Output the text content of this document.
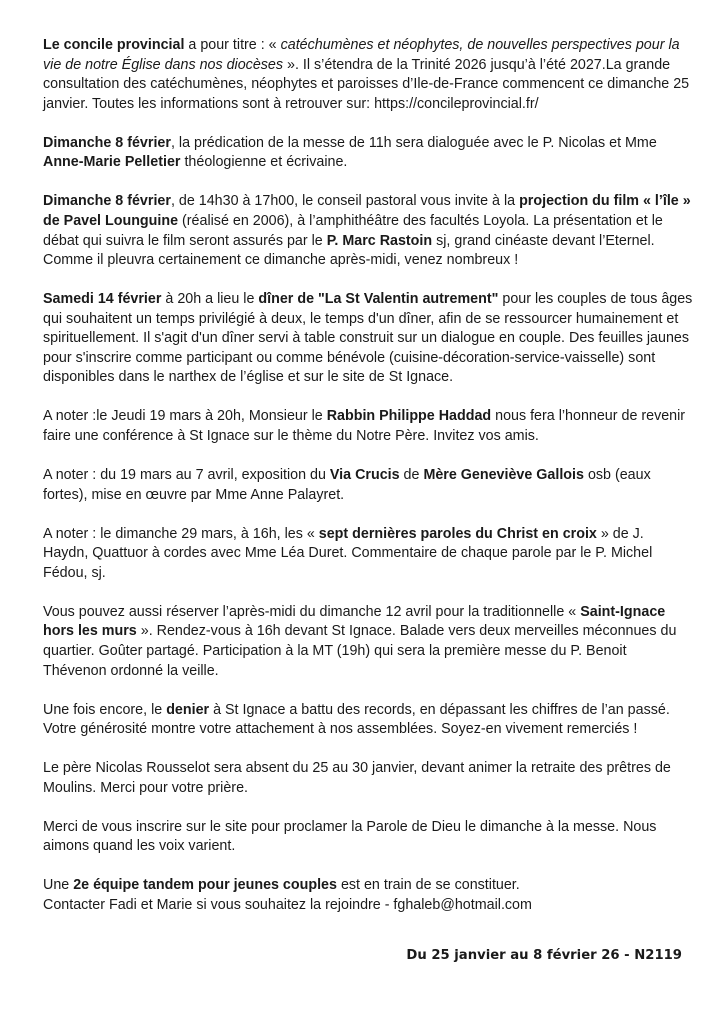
Le concile provincial a pour titre : « catéchumènes et néophytes, de nouvelles perspectives pour la vie de notre Église dans nos diocèses ». Il s’étendra de la Trinité 2026 jusqu’à l’été 2027.La grande consultation des catéchumènes, néophytes et paroisses d’Ile-de-France commencent ce dimanche 25 janvier. Toutes les informations sont à retrouver sur: https://concileprovincial.fr/

Dimanche 8 février, la prédication de la messe de 11h sera dialoguée avec le P. Nicolas et Mme Anne-Marie Pelletier théologienne et écrivaine.

Dimanche 8 février, de 14h30 à 17h00, le conseil pastoral vous invite à la projection du film « l’île » de Pavel Lounguine (réalisé en 2006), à l’amphithéâtre des facultés Loyola. La présentation et le débat qui suivra le film seront assurés par le P. Marc Rastoin sj, grand cinéaste devant l’Eternel. Comme il pleuvra certainement ce dimanche après-midi, venez nombreux !

Samedi 14 février à 20h a lieu le dîner de "La St Valentin autrement" pour les couples de tous âges qui souhaitent un temps privilégié à deux, le temps d'un dîner, afin de se ressourcer humainement et spirituellement. Il s'agit d'un dîner servi à table construit sur un dialogue en couple. Des feuilles jaunes pour s'inscrire comme participant ou comme bénévole (cuisine-décoration-service-vaisselle) sont disponibles dans le narthex de l’église et sur le site de St Ignace.

A noter :le Jeudi 19 mars à 20h, Monsieur le Rabbin Philippe Haddad nous fera l’honneur de revenir faire une conférence à St Ignace sur le thème du Notre Père. Invitez vos amis.

A noter : du 19 mars au 7 avril, exposition du Via Crucis de Mère Geneviève Gallois osb (eaux fortes), mise en œuvre par Mme Anne Palayret.

A noter : le dimanche 29 mars, à 16h, les « sept dernières paroles du Christ en croix » de J. Haydn, Quattuor à cordes avec Mme Léa Duret. Commentaire de chaque parole par le P. Michel Fédou, sj.

Vous pouvez aussi réserver l’après-midi du dimanche 12 avril pour la traditionnelle « Saint-Ignace hors les murs ». Rendez-vous à 16h devant St Ignace. Balade vers deux merveilles méconnues du quartier. Goûter partagé. Participation à la MT (19h) qui sera la première messe du P. Benoit Thévenon ordonné la veille.

Une fois encore, le denier à St Ignace a battu des records, en dépassant les chiffres de l’an passé. Votre générosité montre votre attachement à nos assemblées. Soyez-en vivement remerciés !

Le père Nicolas Rousselot sera absent du 25 au 30 janvier, devant animer la retraite des prêtres de Moulins. Merci pour votre prière.

Merci de vous inscrire sur le site pour proclamer la Parole de Dieu le dimanche à la messe. Nous aimons quand les voix varient.

Une 2e équipe tandem pour jeunes couples est en train de se constituer.

Contacter Fadi et Marie si vous souhaitez la rejoindre - fghaleb@hotmail.com

Du 25 janvier au 8 février 26 - N2119
